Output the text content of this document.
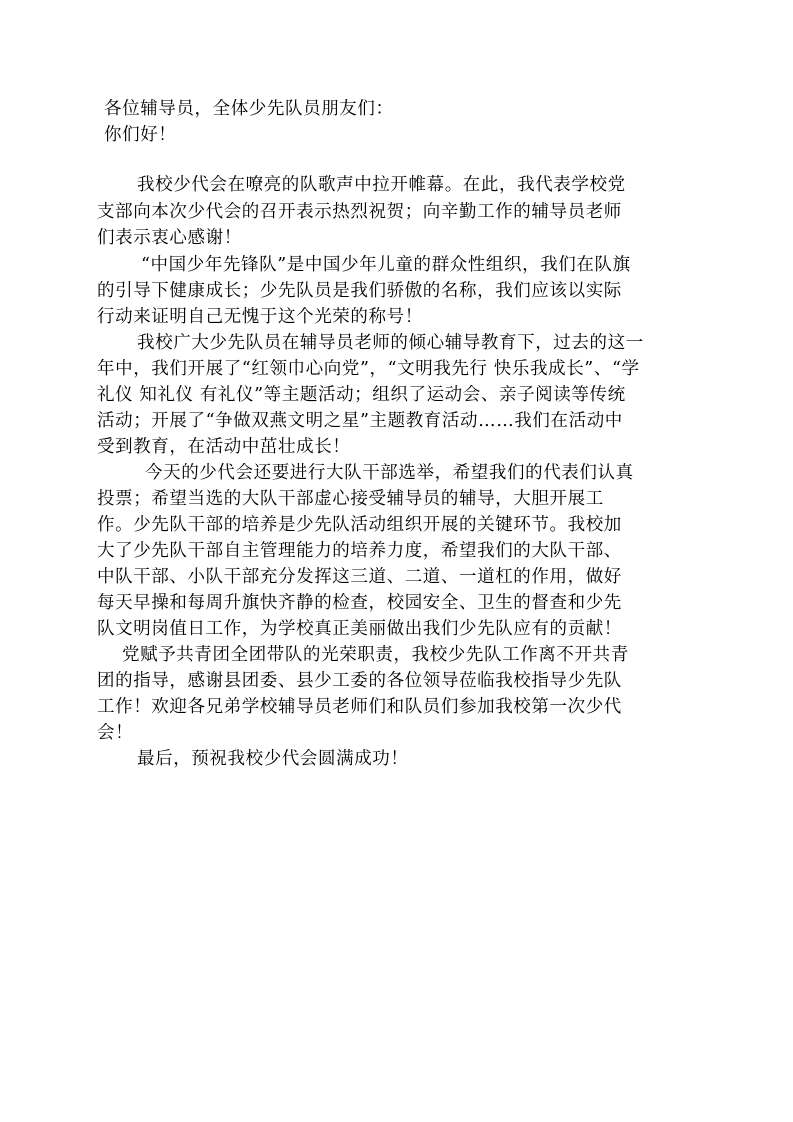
各位辅导员，全体少先队员朋友们：
你们好！
我校少代会在嘹亮的队歌声中拉开帷幕。在此，我代表学校党
支部向本次少代会的召开表示热烈祝贺；向辛勤工作的辅导员老师
们表示衷心感谢！
“中国少年先锋队”是中国少年儿童的群众性组织，我们在队旗
的引导下健康成长；少先队员是我们骄傲的名称，我们应该以实际
行动来证明自己无愧于这个光荣的称号！
我校广大少先队员在辅导员老师的倾心辅导教育下，过去的这一
年中，我们开展了“红领巾心向党”，“文明我先行 快乐我成长”、“学
礼仪 知礼仪 有礼仪”等主题活动；组织了运动会、亲子阅读等传统
活动；开展了“争做双燕文明之星”主题教育活动……我们在活动中
受到教育，在活动中茁壮成长！
今天的少代会还要进行大队干部选举，希望我们的代表们认真
投票；希望当选的大队干部虚心接受辅导员的辅导，大胆开展工
作。少先队干部的培养是少先队活动组织开展的关键环节。我校加
大了少先队干部自主管理能力的培养力度，希望我们的大队干部、
中队干部、小队干部充分发挥这三道、二道、一道杠的作用，做好
每天早操和每周升旗快齐静的检查，校园安全、卫生的督查和少先
队文明岗值日工作，为学校真正美丽做出我们少先队应有的贡献！
党赋予共青团全团带队的光荣职责，我校少先队工作离不开共青
团的指导，感谢县团委、县少工委的各位领导莅临我校指导少先队
工作！欢迎各兄弟学校辅导员老师们和队员们参加我校第一次少代
会！
最后，预祝我校少代会圆满成功！
